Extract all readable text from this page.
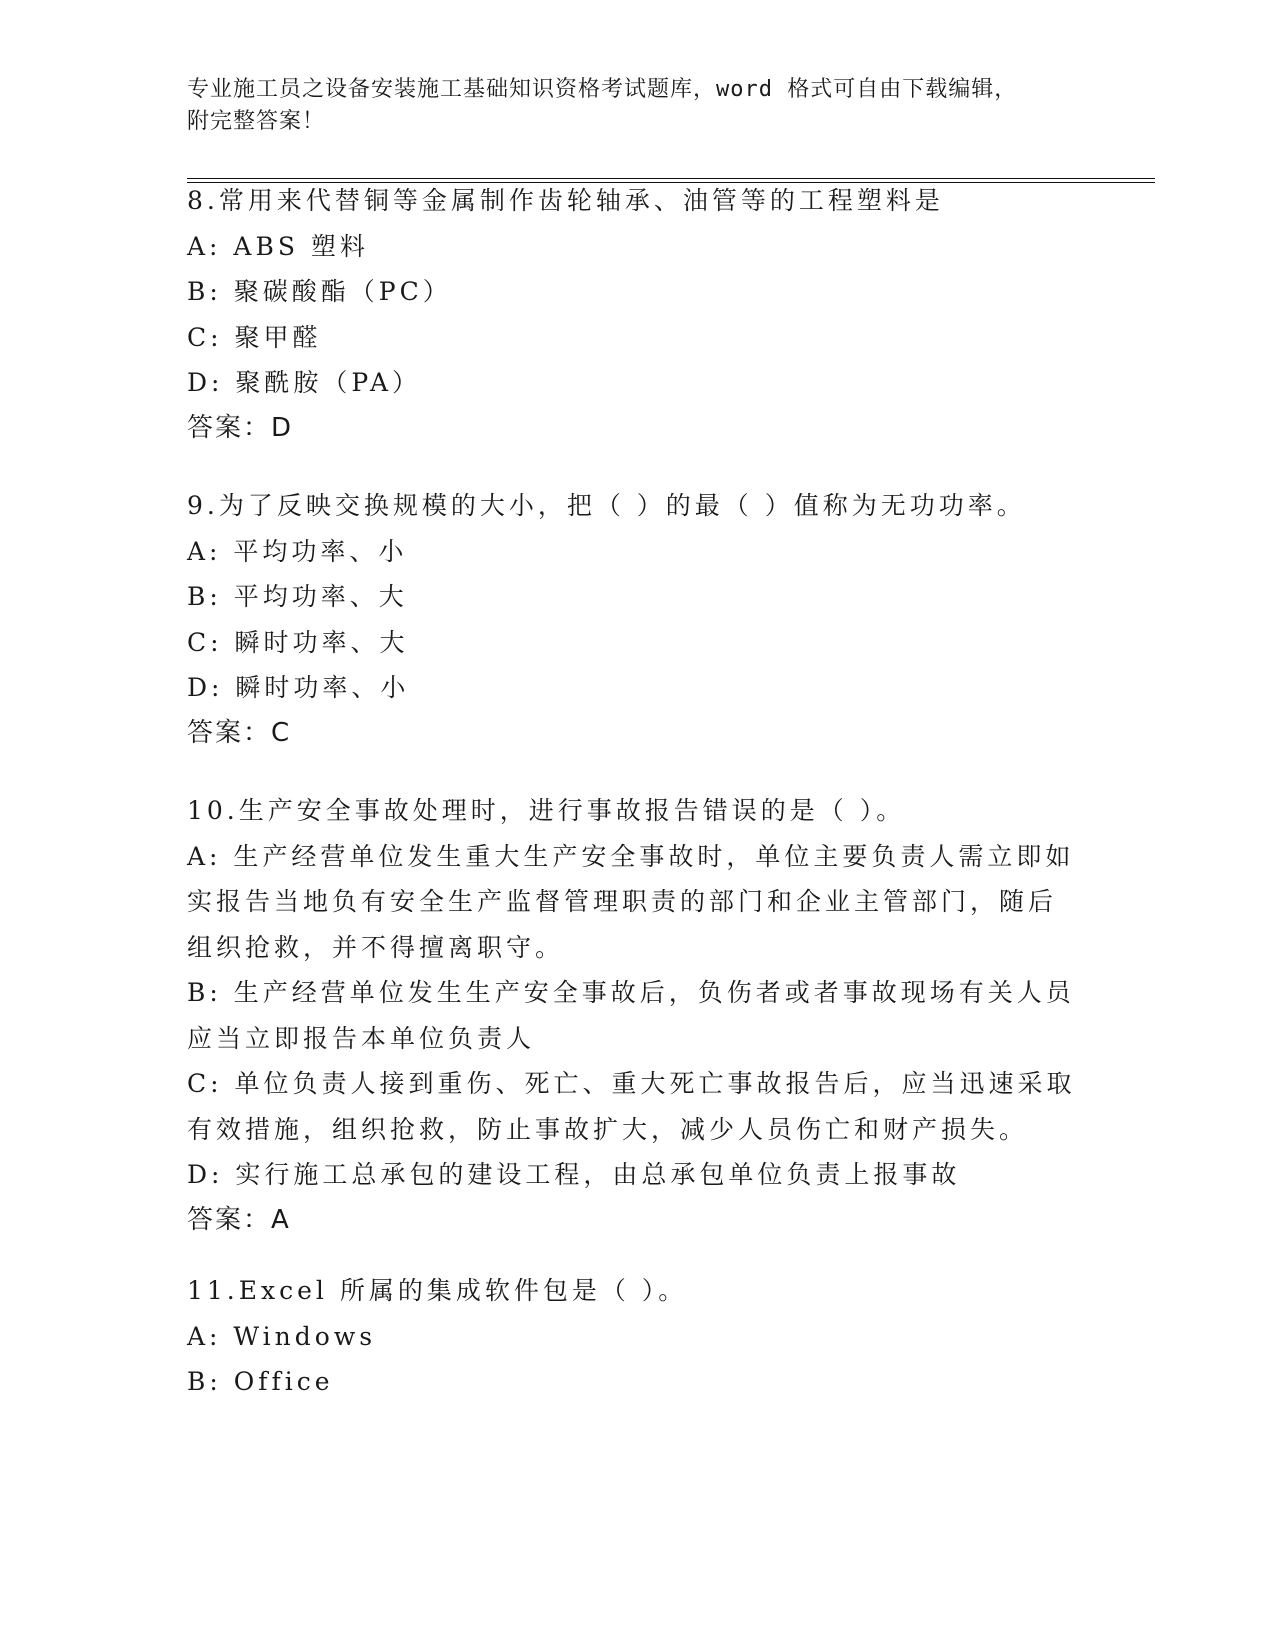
专业施工员之设备安装施工基础知识资格考试题库，word 格式可自由下载编辑，
附完整答案！
8.常用来代替铜等金属制作齿轮轴承、油管等的工程塑料是
A: ABS 塑料
B: 聚碳酸酯（PC）
C: 聚甲醛
D: 聚酰胺（PA）
答案：D
9.为了反映交换规模的大小，把（ ）的最（ ）值称为无功功率。
A: 平均功率、小
B: 平均功率、大
C: 瞬时功率、大
D: 瞬时功率、小
答案：C
10.生产安全事故处理时，进行事故报告错误的是（ ）。
A: 生产经营单位发生重大生产安全事故时，单位主要负责人需立即如
实报告当地负有安全生产监督管理职责的部门和企业主管部门，随后
组织抢救，并不得擅离职守。
B: 生产经营单位发生生产安全事故后，负伤者或者事故现场有关人员
应当立即报告本单位负责人
C: 单位负责人接到重伤、死亡、重大死亡事故报告后，应当迅速采取
有效措施，组织抢救，防止事故扩大，减少人员伤亡和财产损失。
D: 实行施工总承包的建设工程，由总承包单位负责上报事故
答案：A
11.Excel 所属的集成软件包是（ ）。
A: Windows
B: Office
